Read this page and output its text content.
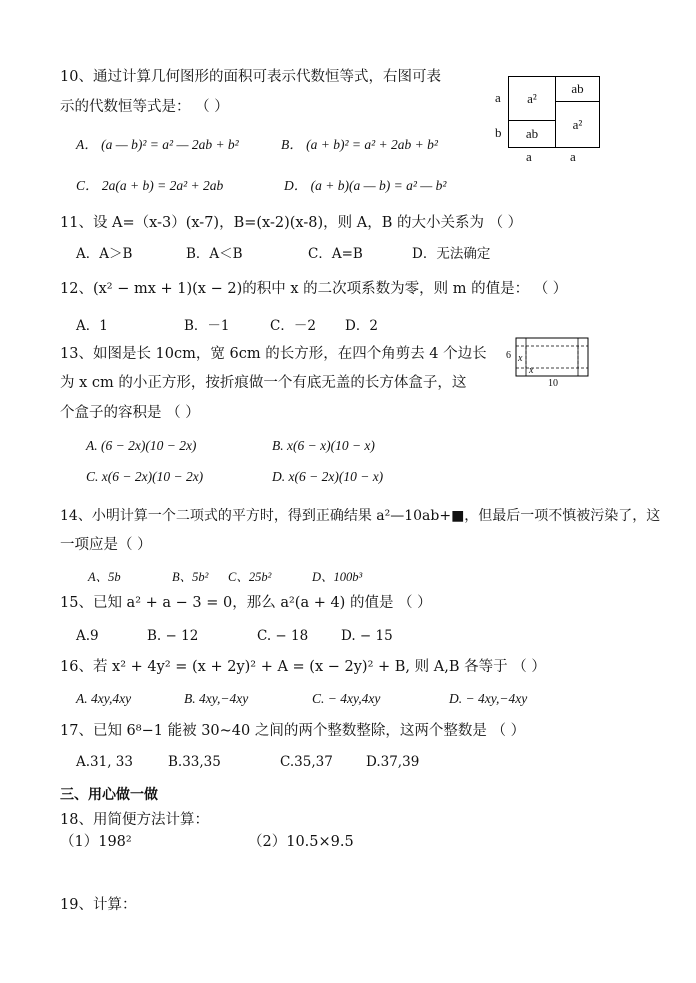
10、通过计算几何图形的面积可表示代数恒等式，右图可表
示的代数恒等式是： （ ）
A． (a — b)² = a² — 2ab + b²	B． (a + b)² = a² + 2ab + b²
C． 2a(a + b) = 2a² + 2ab	D． (a + b)(a — b) = a² — b²
a²
ab
ab
a²
a
b
a	a
11、设 A=（x-3）(x-7)，B=(x-2)(x-8)，则 A，B 的大小关系为 （ ）
A．A＞B	B．A＜B	C．A=B	D．无法确定
12、(x² − mx + 1)(x − 2)的积中 x 的二次项系数为零，则 m 的值是： （ ）
A．1	B．－1	C．－2 D．2
13、如图是长 10cm，宽 6cm 的长方形，在四个角剪去 4 个边长
为 x cm 的小正方形，按折痕做一个有底无盖的长方体盒子，这
个盒子的容积是 （ ）
A. (6 − 2x)(10 − 2x)	B. x(6 − x)(10 − x)
C. x(6 − 2x)(10 − 2x)	D. x(6 − 2x)(10 − x)
6
10
x
x
14、小明计算一个二项式的平方时，得到正确结果 a²—10ab+■，但最后一项不慎被污染了，这
一项应是（ ）
A、5b	B、5b² C、25b²	D、100b³
15、已知 a² + a − 3 = 0，那么 a²(a + 4) 的值是 （ ）
A.9	B. − 12	C. − 18 D. − 15
16、若 x² + 4y² = (x + 2y)² + A = (x − 2y)² + B, 则 A,B 各等于 （ ）
A. 4xy,4xy	B. 4xy,−4xy	C. − 4xy,4xy	D. − 4xy,−4xy
17、已知 6⁸−1 能被 30~40 之间的两个整数整除，这两个整数是 （ ）
A.31, 33	B.33,35	C.35,37 D.37,39
三、用心做一做
18、用简便方法计算：
（1）198²	（2）10.5×9.5
19、计算：
